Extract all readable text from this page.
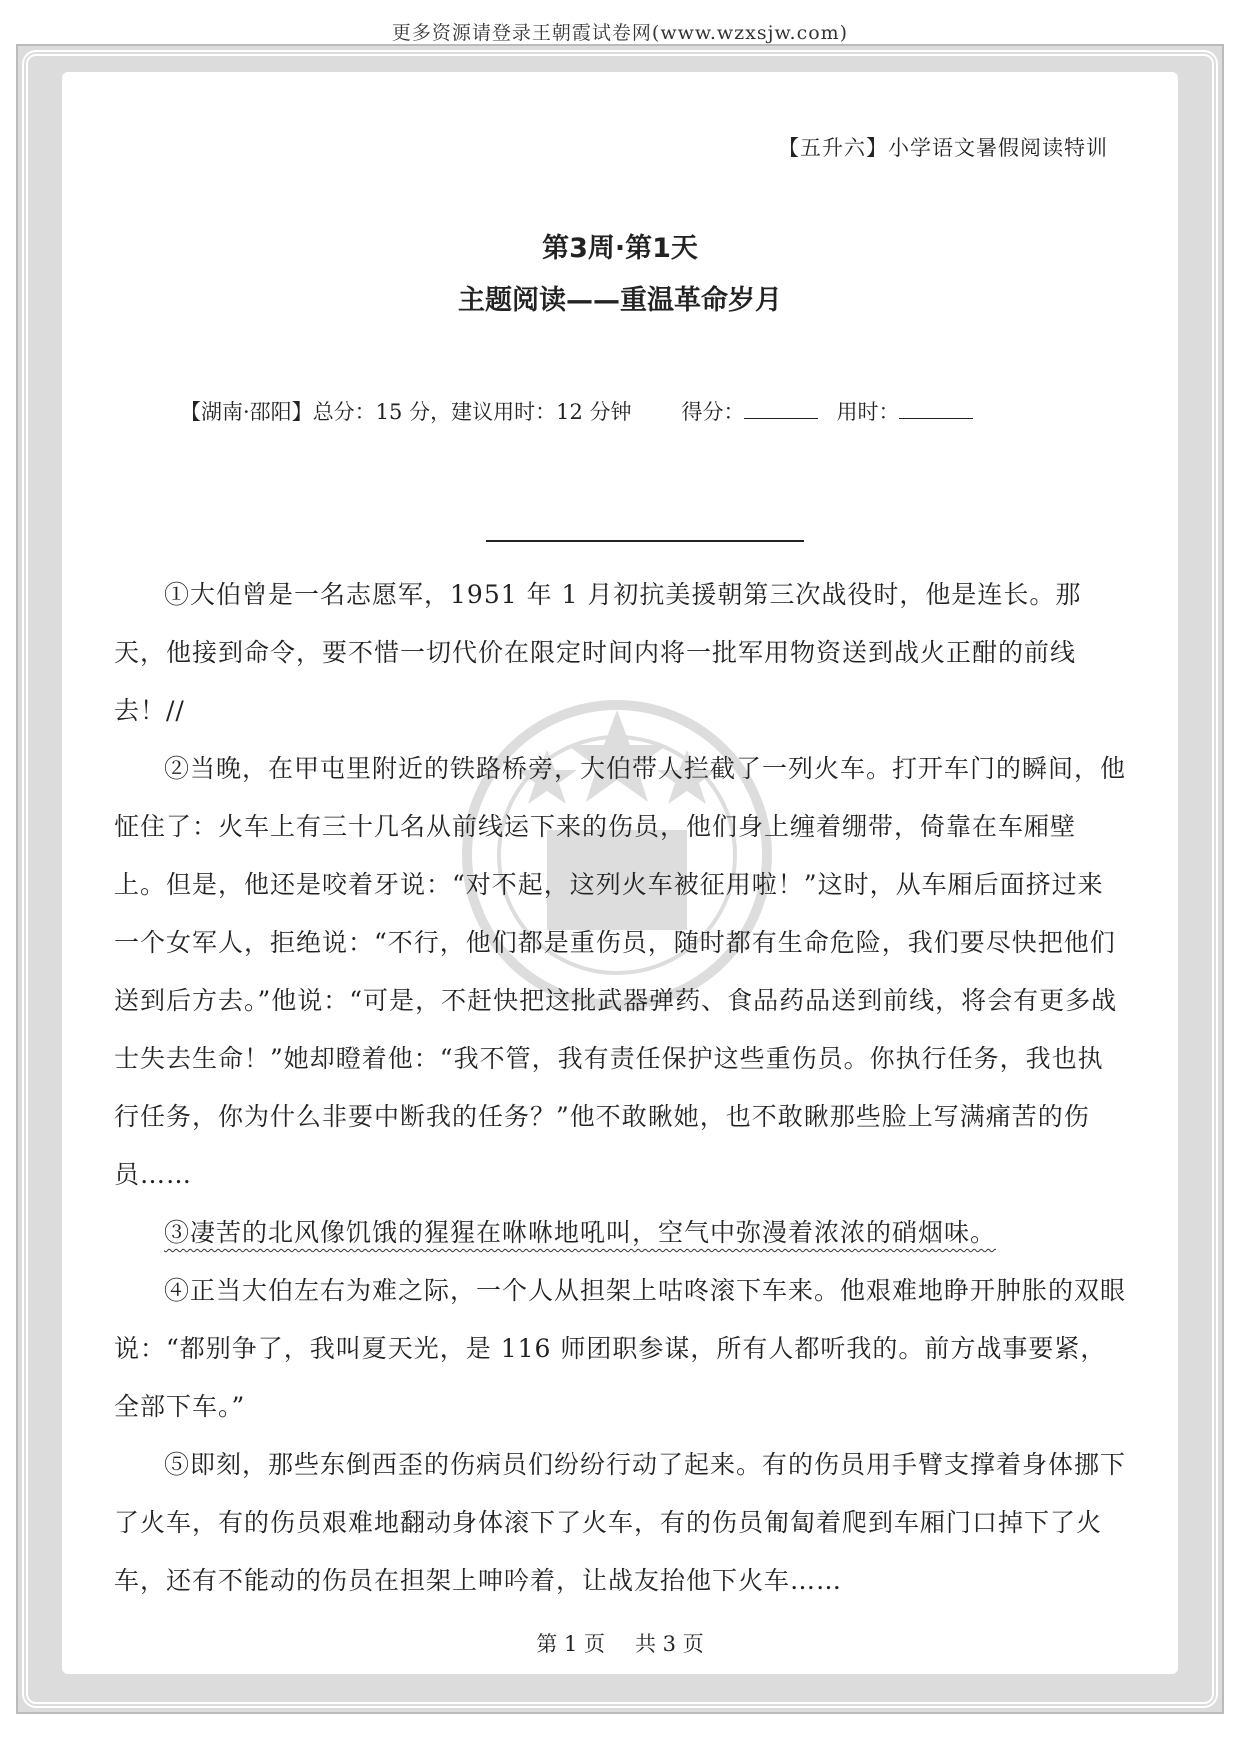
更多资源请登录王朝霞试卷网(www.wzxsjw.com)
【五升六】小学语文暑假阅读特训
第3周·第1天
主题阅读——重温革命岁月
【湖南·邵阳】总分：15 分，建议用时：12 分钟 得分：	用时：

①大伯曾是一名志愿军，1951 年 1 月初抗美援朝第三次战役时，他是连长。那天，他接到命令，要不惜一切代价在限定时间内将一批军用物资送到战火正酣的前线去！//

②当晚，在甲屯里附近的铁路桥旁，大伯带人拦截了一列火车。打开车门的瞬间，他怔住了：火车上有三十几名从前线运下来的伤员，他们身上缠着绷带，倚靠在车厢壁上。但是，他还是咬着牙说：“对不起，这列火车被征用啦！”这时，从车厢后面挤过来一个女军人，拒绝说：“不行，他们都是重伤员，随时都有生命危险，我们要尽快把他们送到后方去。”他说：“可是，不赶快把这批武器弹药、食品药品送到前线，将会有更多战士失去生命！”她却瞪着他：“我不管，我有责任保护这些重伤员。你执行任务，我也执行任务，你为什么非要中断我的任务？”他不敢瞅她，也不敢瞅那些脸上写满痛苦的伤员……

③凄苦的北风像饥饿的猩猩在咻咻地吼叫，空气中弥漫着浓浓的硝烟味。

④正当大伯左右为难之际，一个人从担架上咕咚滚下车来。他艰难地睁开肿胀的双眼说：“都别争了，我叫夏天光，是 116 师团职参谋，所有人都听我的。前方战事要紧，全部下车。”

⑤即刻，那些东倒西歪的伤病员们纷纷行动了起来。有的伤员用手臂支撑着身体挪下了火车，有的伤员艰难地翻动身体滚下了火车，有的伤员匍匐着爬到车厢门口掉下了火车，还有不能动的伤员在担架上呻吟着，让战友抬他下火车……

第 1 页 共 3 页
